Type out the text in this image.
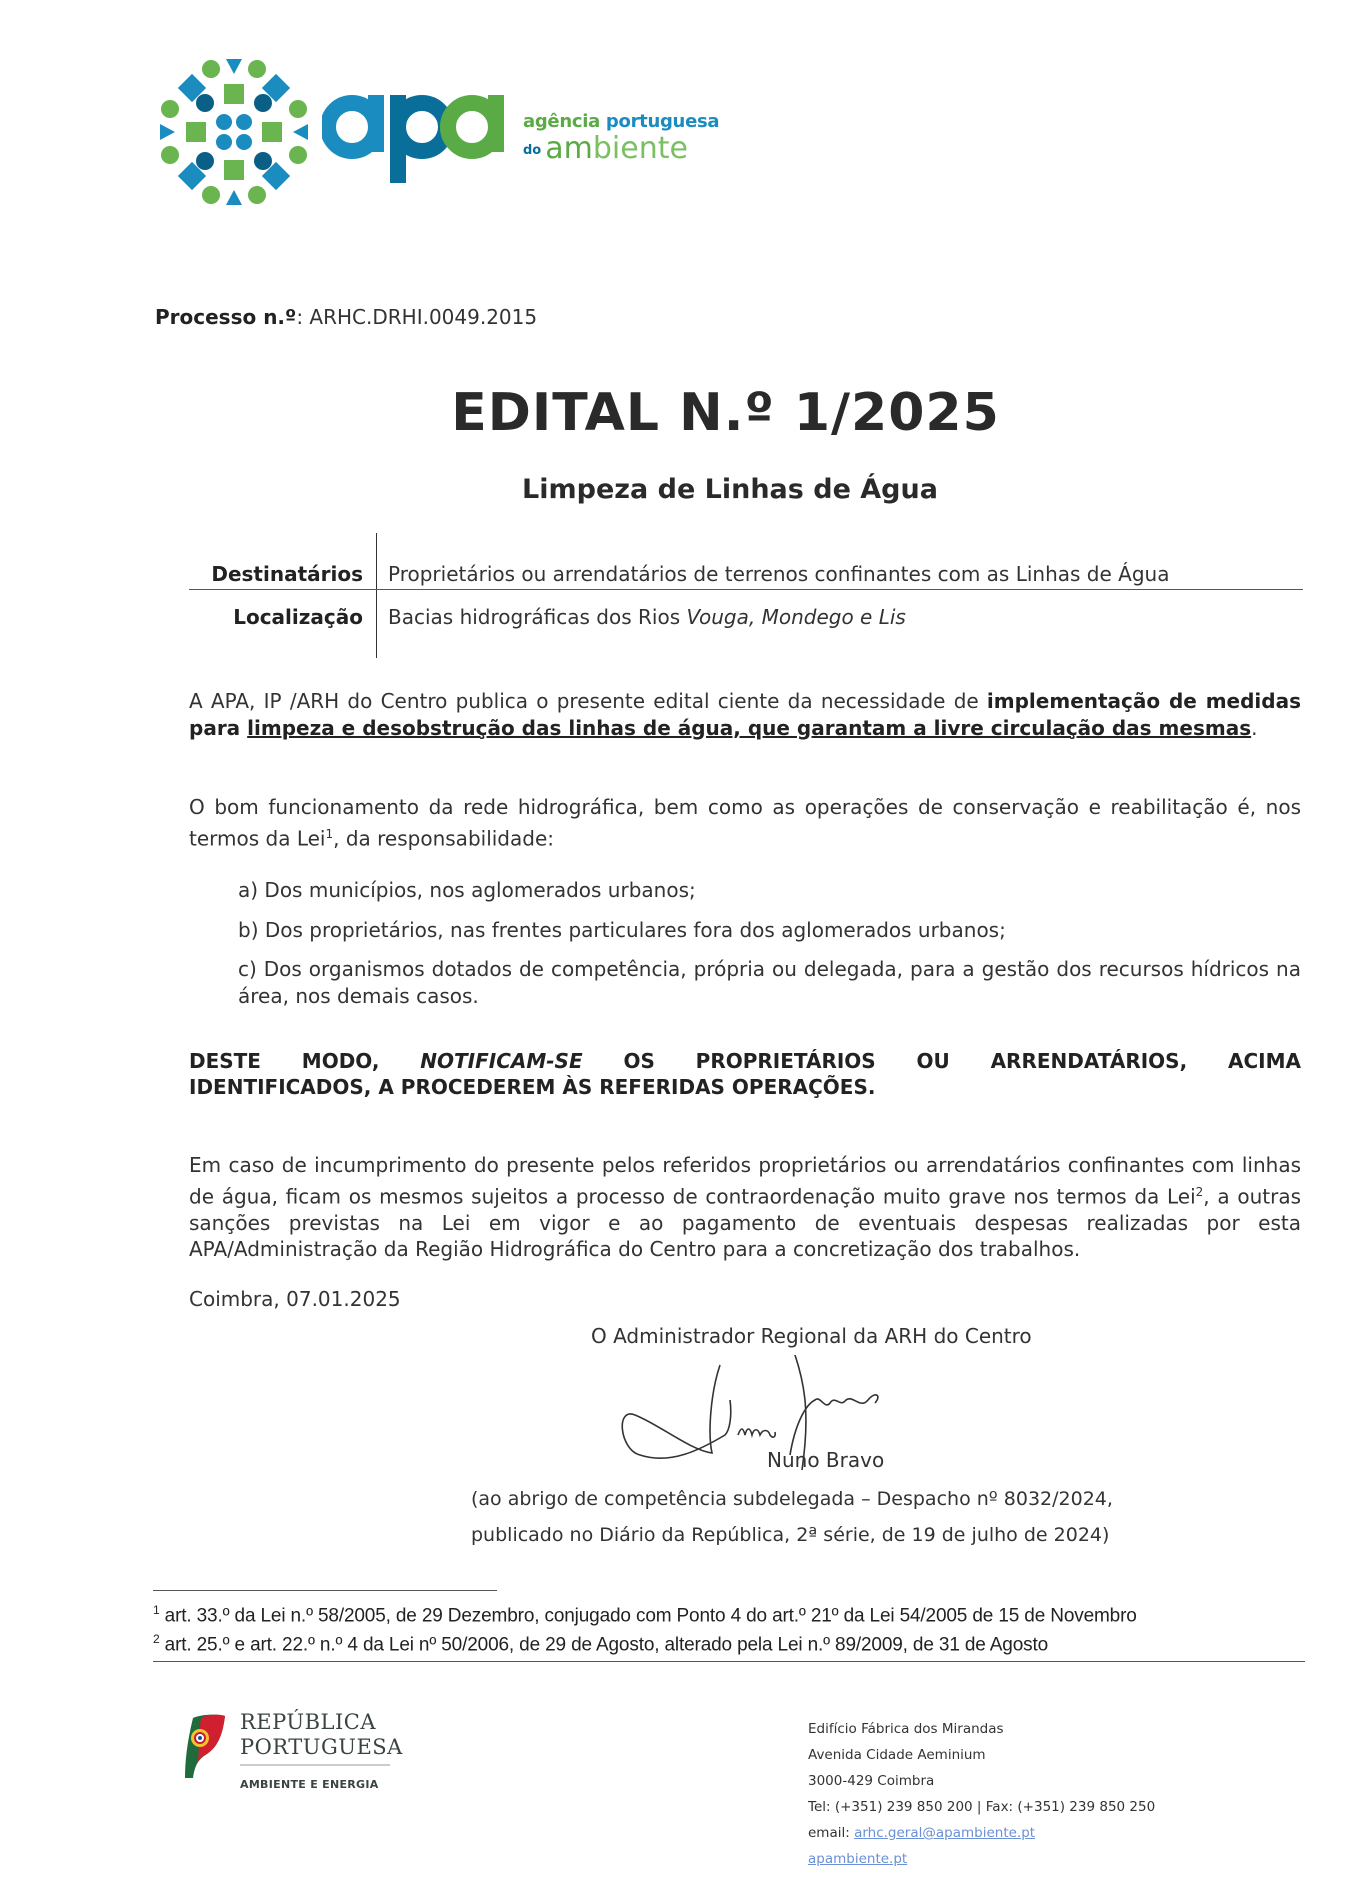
agência portuguesa
do ambiente
Processo n.º: ARHC.DRHI.0049.2015
EDITAL N.º 1/2025
Limpeza de Linhas de Água
Destinatários Proprietários ou arrendatários de terrenos confinantes com as Linhas de Água
Localização Bacias hidrográficas dos Rios Vouga, Mondego e Lis
A APA, IP /ARH do Centro publica o presente edital ciente da necessidade de implementação de medidas para limpeza e desobstrução das linhas de água, que garantam a livre circulação das mesmas.
O bom funcionamento da rede hidrográfica, bem como as operações de conservação e reabilitação é, nos termos da Lei$^1$, da responsabilidade:
a) Dos municípios, nos aglomerados urbanos;
b) Dos proprietários, nas frentes particulares fora dos aglomerados urbanos;
c) Dos organismos dotados de competência, própria ou delegada, para a gestão dos recursos hídricos na área, nos demais casos.
DESTE MODO, NOTIFICAM-SE OS PROPRIETÁRIOS OU ARRENDATÁRIOS, ACIMA
IDENTIFICADOS, A PROCEDEREM ÀS REFERIDAS OPERAÇÕES.
Em caso de incumprimento do presente pelos referidos proprietários ou arrendatários confinantes com linhas de água, ficam os mesmos sujeitos a processo de contraordenação muito grave nos termos da Lei$^2$, a outras sanções previstas na Lei em vigor e ao pagamento de eventuais despesas realizadas por esta APA/Administração da Região Hidrográfica do Centro para a concretização dos trabalhos.
Coimbra, 07.01.2025
O Administrador Regional da ARH do Centro
Nuno Bravo
(ao abrigo de competência subdelegada – Despacho nº 8032/2024,
publicado no Diário da República, 2ª série, de 19 de julho de 2024)
$^1$ art. 33.º da Lei n.º 58/2005, de 29 Dezembro, conjugado com Ponto 4 do art.º 21º da Lei 54/2005 de 15 de Novembro
$^2$ art. 25.º e art. 22.º n.º 4 da Lei nº 50/2006, de 29 de Agosto, alterado pela Lei n.º 89/2009, de 31 de Agosto
REPÚBLICA
PORTUGUESA
AMBIENTE E ENERGIA
Edifício Fábrica dos Mirandas
Avenida Cidade Aeminium
3000-429 Coimbra
Tel: (+351) 239 850 200 | Fax: (+351) 239 850 250
email: arhc.geral@apambiente.pt
apambiente.pt
